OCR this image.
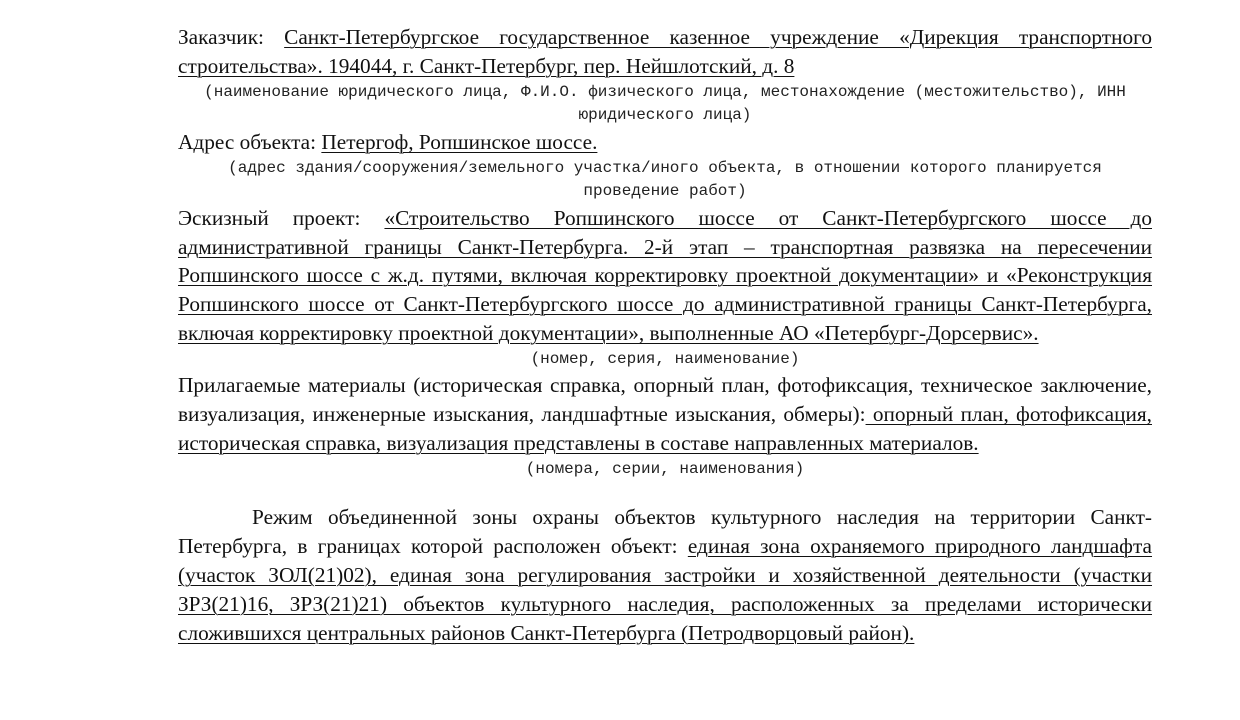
Заказчик: Санкт-Петербургское государственное казенное учреждение «Дирекция транспортного строительства». 194044, г. Санкт-Петербург, пер. Нейшлотский, д. 8

(наименование юридического лица, Ф.И.О. физического лица, местонахождение (местожительство), ИНН юридического лица)

Адрес объекта: Петергоф, Ропшинское шоссе.

(адрес здания/сооружения/земельного участка/иного объекта, в отношении которого планируется проведение работ)

Эскизный проект: «Строительство Ропшинского шоссе от Санкт-Петербургского шоссе до административной границы Санкт-Петербурга. 2-й этап – транспортная развязка на пересечении Ропшинского шоссе с ж.д. путями, включая корректировку проектной документации» и «Реконструкция Ропшинского шоссе от Санкт-Петербургского шоссе до административной границы Санкт-Петербурга, включая корректировку проектной документации», выполненные АО «Петербург-Дорсервис».

(номер, серия, наименование)

Прилагаемые материалы (историческая справка, опорный план, фотофиксация, техническое заключение, визуализация, инженерные изыскания, ландшафтные изыскания, обмеры): опорный план, фотофиксация, историческая справка, визуализация представлены в составе направленных материалов.

(номера, серии, наименования)

Режим объединенной зоны охраны объектов культурного наследия на территории Санкт-Петербурга, в границах которой расположен объект: единая зона охраняемого природного ландшафта (участок ЗОЛ(21)02), единая зона регулирования застройки и хозяйственной деятельности (участки ЗРЗ(21)16, ЗРЗ(21)21) объектов культурного наследия, расположенных за пределами исторически сложившихся центральных районов Санкт-Петербурга (Петродворцовый район).
